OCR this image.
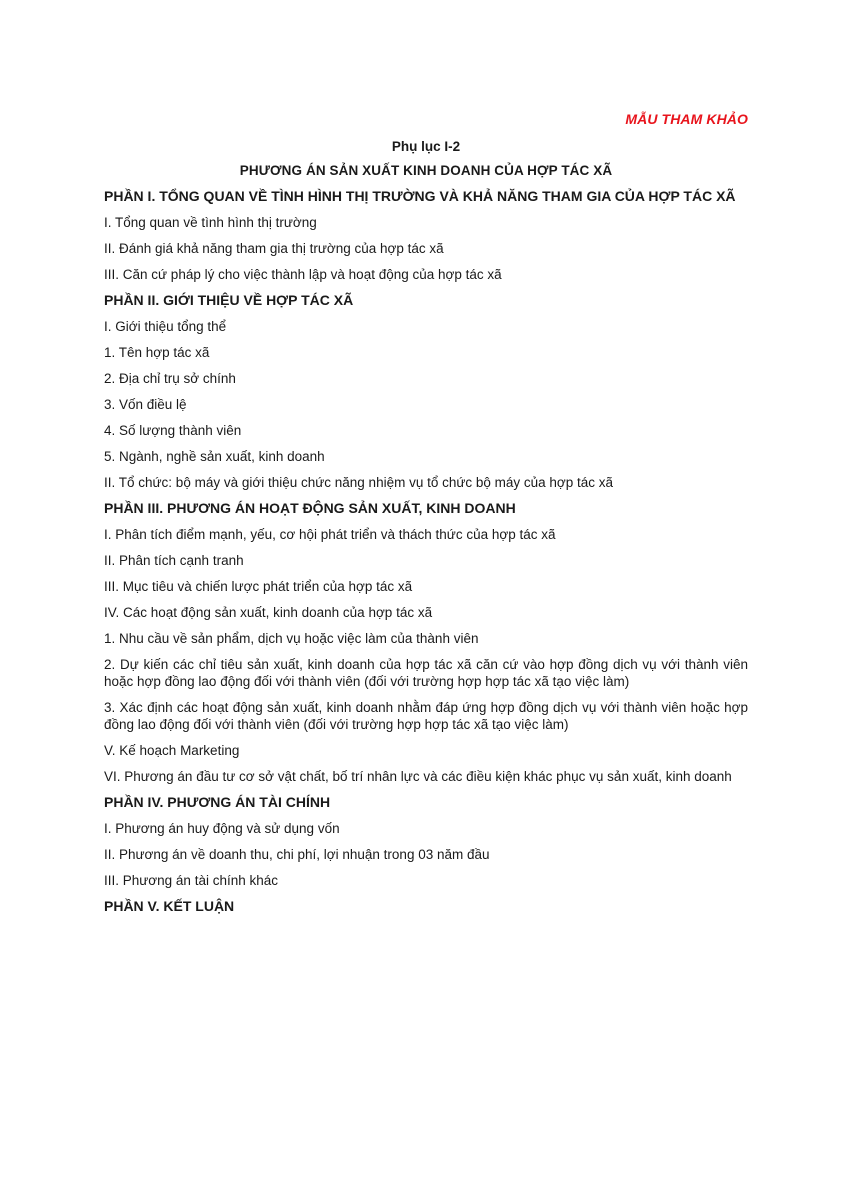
MẪU THAM KHẢO
Phụ lục I-2
PHƯƠNG ÁN SẢN XUẤT KINH DOANH CỦA HỢP TÁC XÃ
PHẦN I. TỔNG QUAN VỀ TÌNH HÌNH THỊ TRƯỜNG VÀ KHẢ NĂNG THAM GIA CỦA HỢP TÁC XÃ
I. Tổng quan về tình hình thị trường
II. Đánh giá khả năng tham gia thị trường của hợp tác xã
III. Căn cứ pháp lý cho việc thành lập và hoạt động của hợp tác xã
PHẦN II. GIỚI THIỆU VỀ HỢP TÁC XÃ
I. Giới thiệu tổng thể
1. Tên hợp tác xã
2. Địa chỉ trụ sở chính
3. Vốn điều lệ
4. Số lượng thành viên
5. Ngành, nghề sản xuất, kinh doanh
II. Tổ chức: bộ máy và giới thiệu chức năng nhiệm vụ tổ chức bộ máy của hợp tác xã
PHẦN III. PHƯƠNG ÁN HOẠT ĐỘNG SẢN XUẤT, KINH DOANH
I. Phân tích điểm mạnh, yếu, cơ hội phát triển và thách thức của hợp tác xã
II. Phân tích cạnh tranh
III. Mục tiêu và chiến lược phát triển của hợp tác xã
IV. Các hoạt động sản xuất, kinh doanh của hợp tác xã
1. Nhu cầu về sản phẩm, dịch vụ hoặc việc làm của thành viên
2. Dự kiến các chỉ tiêu sản xuất, kinh doanh của hợp tác xã căn cứ vào hợp đồng dịch vụ với thành viên hoặc hợp đồng lao động đối với thành viên (đối với trường hợp hợp tác xã tạo việc làm)
3. Xác định các hoạt động sản xuất, kinh doanh nhằm đáp ứng hợp đồng dịch vụ với thành viên hoặc hợp đồng lao động đối với thành viên (đối với trường hợp hợp tác xã tạo việc làm)
V. Kế hoạch Marketing
VI. Phương án đầu tư cơ sở vật chất, bố trí nhân lực và các điều kiện khác phục vụ sản xuất, kinh doanh
PHẦN IV. PHƯƠNG ÁN TÀI CHÍNH
I. Phương án huy động và sử dụng vốn
II. Phương án về doanh thu, chi phí, lợi nhuận trong 03 năm đầu
III. Phương án tài chính khác
PHẦN V. KẾT LUẬN
